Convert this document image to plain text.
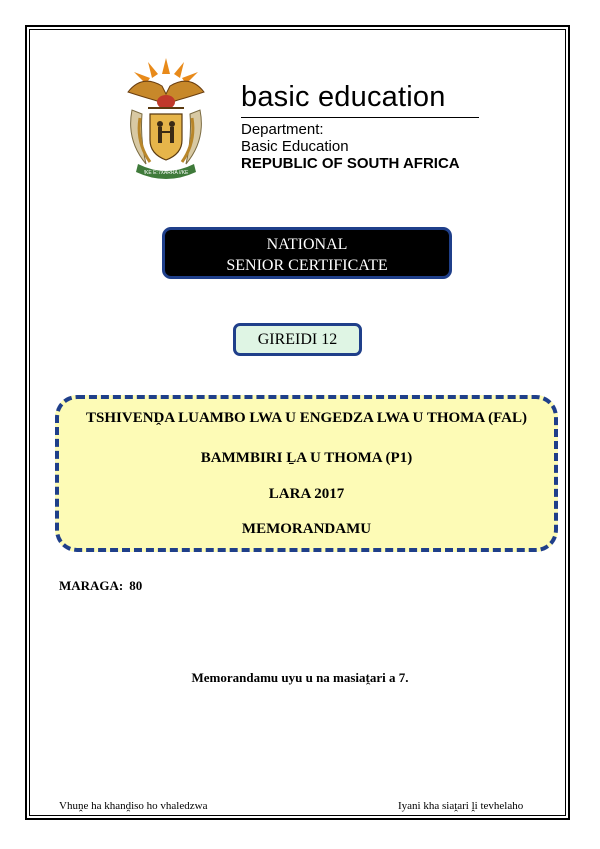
!KE E: /XARRA //KE
basic education
Department:
Basic Education
REPUBLIC OF SOUTH AFRICA
NATIONAL
SENIOR CERTIFICATE
GIREIDI 12
TSHIVENḒA LUAMBO LWA U ENGEDZA LWA U THOMA (FAL)
BAMMBIRI ḺA U THOMA (P1)
LARA 2017
MEMORANDAMU
MARAGA: 80
Memorandamu uyu u na masiaṱari a 7.
Vhuṋe ha khanḓiso ho vhaledzwa	Iyani kha siaṱari ḽi tevhelaho
